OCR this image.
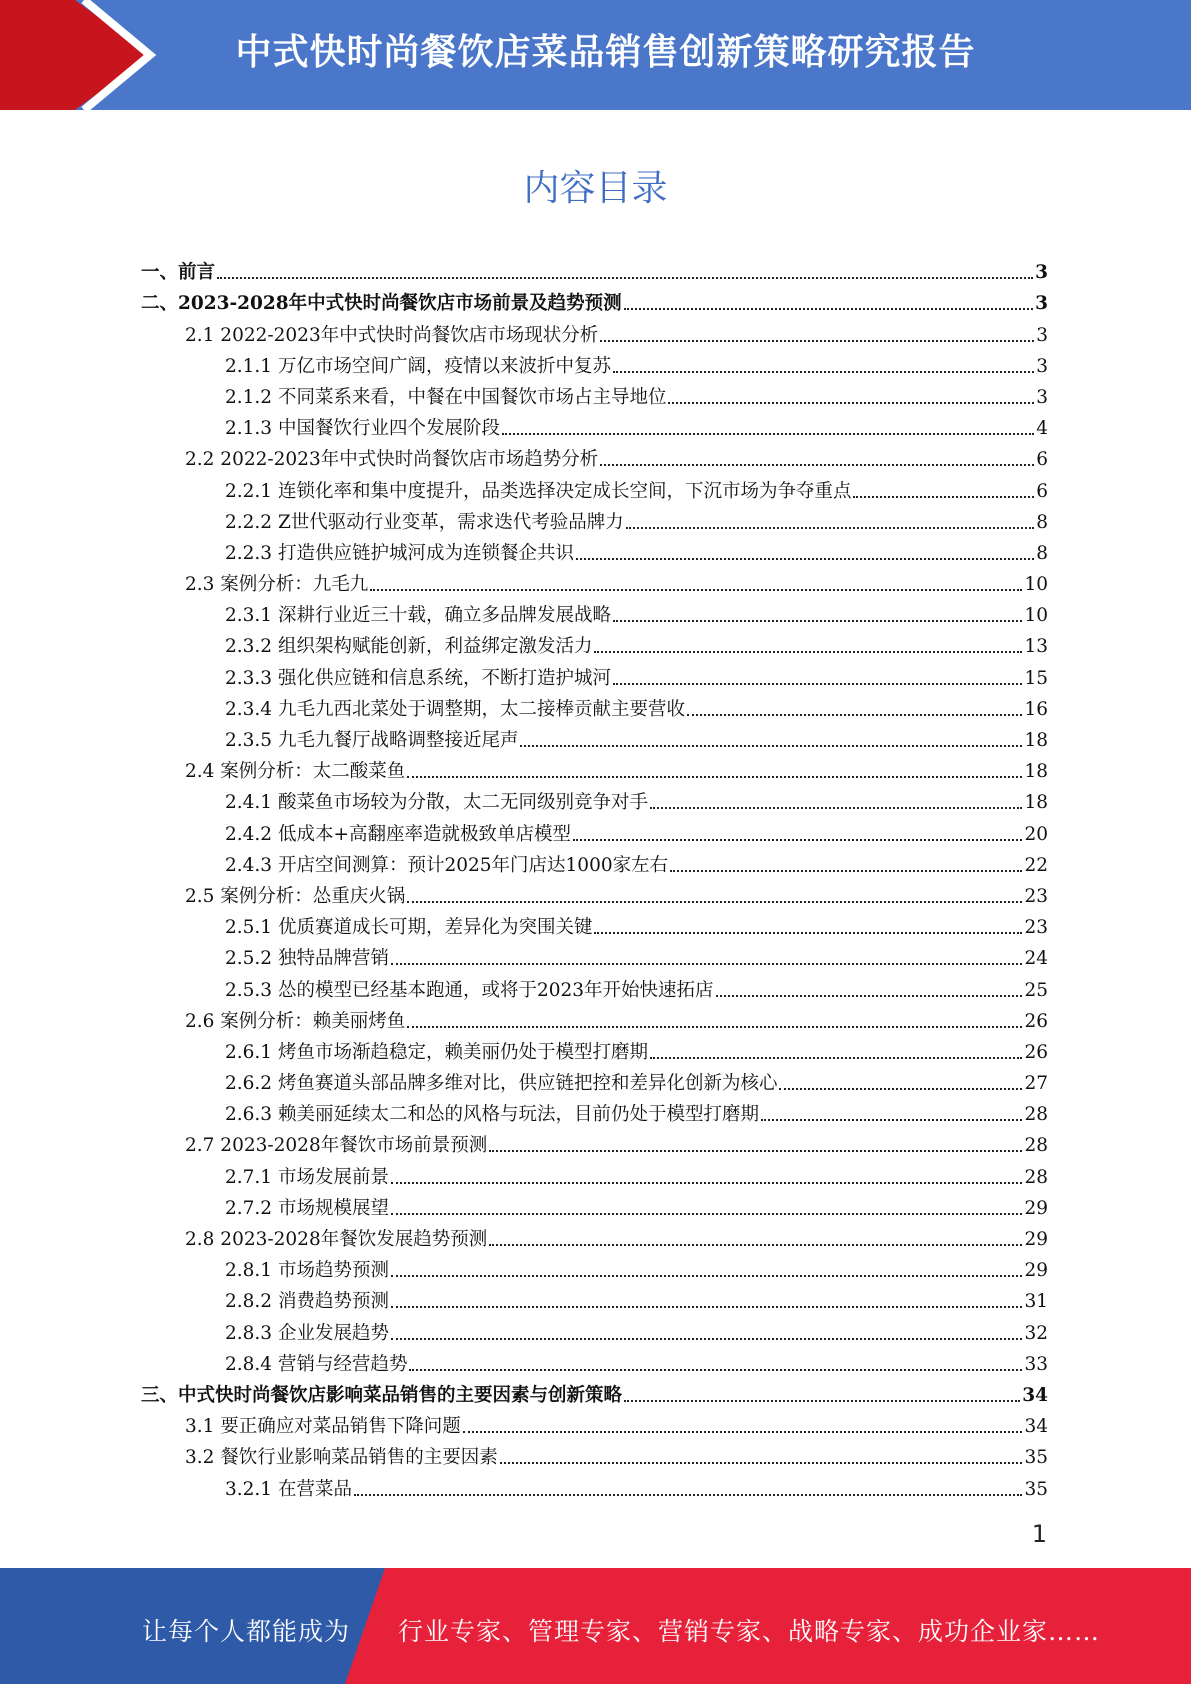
中式快时尚餐饮店菜品销售创新策略研究报告
内容目录
一、前言	3
二、2023-2028年中式快时尚餐饮店市场前景及趋势预测	3
2.1 2022-2023年中式快时尚餐饮店市场现状分析	3
2.1.1 万亿市场空间广阔，疫情以来波折中复苏	3
2.1.2 不同菜系来看，中餐在中国餐饮市场占主导地位	3
2.1.3 中国餐饮行业四个发展阶段	4
2.2 2022-2023年中式快时尚餐饮店市场趋势分析	6
2.2.1 连锁化率和集中度提升，品类选择决定成长空间，下沉市场为争夺重点	6
2.2.2 Z世代驱动行业变革，需求迭代考验品牌力	8
2.2.3 打造供应链护城河成为连锁餐企共识	8
2.3 案例分析：九毛九	10
2.3.1 深耕行业近三十载，确立多品牌发展战略	10
2.3.2 组织架构赋能创新，利益绑定激发活力	13
2.3.3 强化供应链和信息系统，不断打造护城河	15
2.3.4 九毛九西北菜处于调整期，太二接棒贡献主要营收	16
2.3.5 九毛九餐厅战略调整接近尾声	18
2.4 案例分析：太二酸菜鱼	18
2.4.1 酸菜鱼市场较为分散，太二无同级别竞争对手	18
2.4.2 低成本+高翻座率造就极致单店模型	20
2.4.3 开店空间测算：预计2025年门店达1000家左右	22
2.5 案例分析：怂重庆火锅	23
2.5.1 优质赛道成长可期，差异化为突围关键	23
2.5.2 独特品牌营销	24
2.5.3 怂的模型已经基本跑通，或将于2023年开始快速拓店	25
2.6 案例分析：赖美丽烤鱼	26
2.6.1 烤鱼市场渐趋稳定，赖美丽仍处于模型打磨期	26
2.6.2 烤鱼赛道头部品牌多维对比，供应链把控和差异化创新为核心	27
2.6.3 赖美丽延续太二和怂的风格与玩法，目前仍处于模型打磨期	28
2.7 2023-2028年餐饮市场前景预测	28
2.7.1 市场发展前景	28
2.7.2 市场规模展望	29
2.8 2023-2028年餐饮发展趋势预测	29
2.8.1 市场趋势预测	29
2.8.2 消费趋势预测	31
2.8.3 企业发展趋势	32
2.8.4 营销与经营趋势	33
三、中式快时尚餐饮店影响菜品销售的主要因素与创新策略	34
3.1 要正确应对菜品销售下降问题	34
3.2 餐饮行业影响菜品销售的主要因素	35
3.2.1 在营菜品	35
1
让每个人都能成为 行业专家、管理专家、营销专家、战略专家、成功企业家……
